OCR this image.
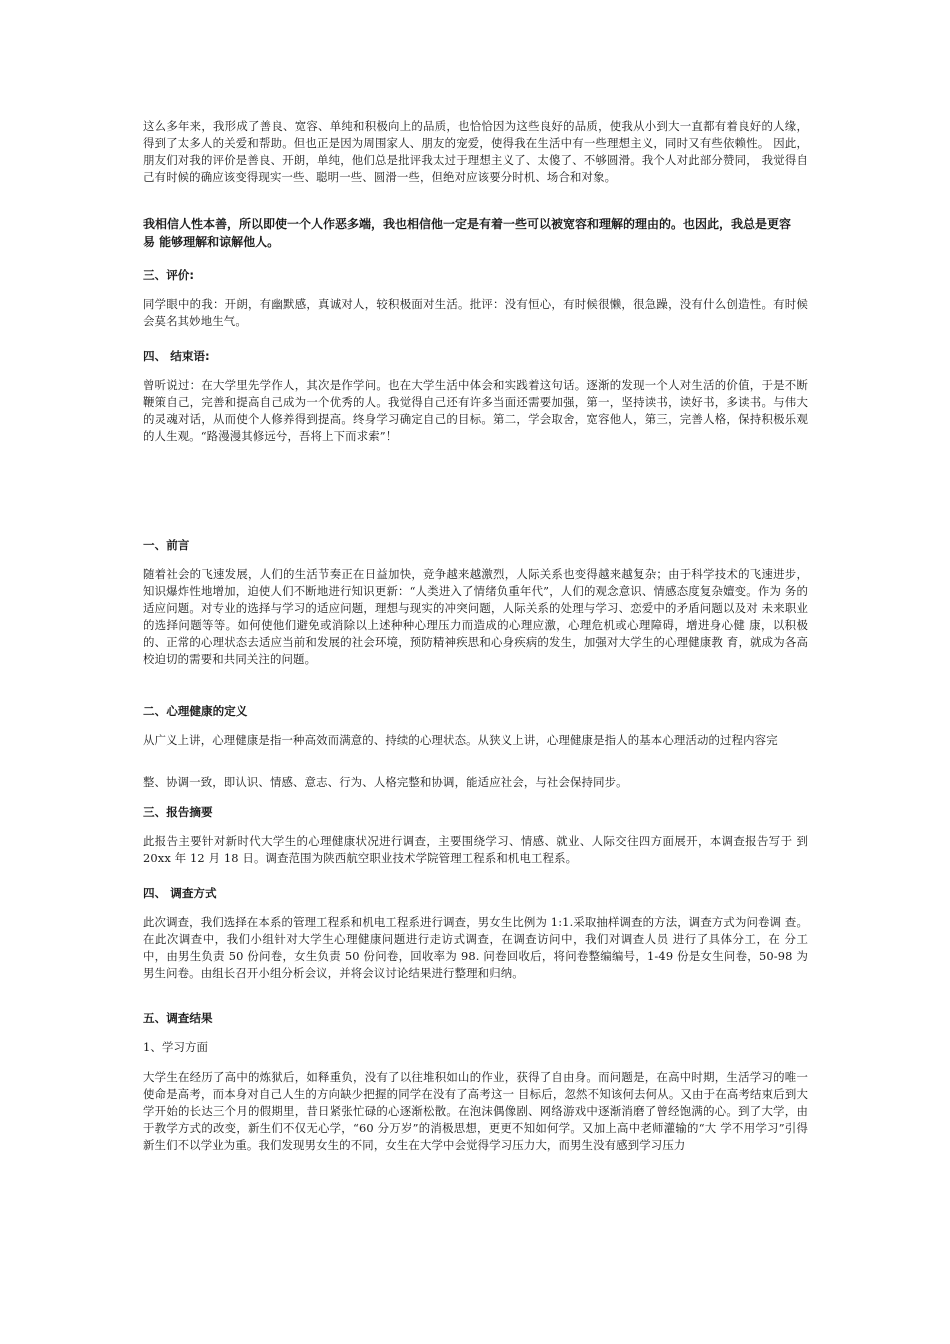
这么多年来，我形成了善良、宽容、单纯和积极向上的品质，也恰恰因为这些良好的品质，使我从小到大一直都有着良好的人缘，得到了太多人的关爱和帮助。但也正是因为周围家人、朋友的宠爱，使得我在生活中有一些理想主义，同时又有些依赖性。 因此，朋友们对我的评价是善良、开朗，单纯，他们总是批评我太过于理想主义了、太傻了、不够圆滑。我个人对此部分赞同， 我觉得自己有时候的确应该变得现实一些、聪明一些、圆滑一些，但绝对应该要分时机、场合和对象。
我相信人性本善，所以即使一个人作恶多端，我也相信他一定是有着一些可以被宽容和理解的理由的。也因此，我总是更容易 能够理解和谅解他人。
三、评价:
同学眼中的我：开朗，有幽默感，真诚对人，较积极面对生活。批评：没有恒心，有时候很懒，很急躁，没有什么创造性。有时候会莫名其妙地生气。
四、 结束语:
曾听说过：在大学里先学作人，其次是作学问。也在大学生活中体会和实践着这句话。逐渐的发现一个人对生活的价值，于是不断鞭策自己，完善和提高自己成为一个优秀的人。我觉得自己还有许多当面还需要加强，第一，坚持读书，读好书，多读书。与伟大的灵魂对话，从而使个人修养得到提高。终身学习确定自己的目标。第二，学会取舍，宽容他人，第三，完善人格，保持积极乐观的人生观。“路漫漫其修远兮，吾将上下而求索”！
一、前言
随着社会的飞速发展，人们的生活节奏正在日益加快，竞争越来越激烈，人际关系也变得越来越复杂；由于科学技术的飞速进步， 知识爆炸性地增加，迫使人们不断地进行知识更新：“人类进入了情绪负重年代”，人们的观念意识、情感态度复杂嬗变。作为 务的适应问题。对专业的选择与学习的适应问题，理想与现实的冲突问题，人际关系的处理与学习、恋爱中的矛盾问题以及对 未来职业的选择问题等等。如何使他们避免或消除以上述种种心理压力而造成的心理应激，心理危机或心理障碍，增进身心健 康，以积极的、正常的心理状态去适应当前和发展的社会环境，预防精神疾思和心身疾病的发生，加强对大学生的心理健康教 育，就成为各高校迫切的需要和共同关注的问题。
二、心理健康的定义
从广义上讲，心理健康是指一种高效而满意的、持续的心理状态。从狭义上讲，心理健康是指人的基本心理活动的过程内容完
整、协调一致，即认识、情感、意志、行为、人格完整和协调，能适应社会，与社会保持同步。
三、报告摘要
此报告主要针对新时代大学生的心理健康状况进行调查，主要围绕学习、情感、就业、人际交往四方面展开，本调查报告写于 到 20xx 年 12 月 18 日。调查范围为陕西航空职业技术学院管理工程系和机电工程系。
四、 调查方式
此次调查，我们选择在本系的管理工程系和机电工程系进行调查，男女生比例为 1:1.采取抽样调查的方法，调查方式为问卷调 查。在此次调查中，我们小组针对大学生心理健康问题进行走访式调查，在调查访问中，我们对调查人员 进行了具体分工，在 分工中，由男生负责 50 份问卷，女生负责 50 份问卷，回收率为 98. 问卷回收后，将问卷整编编号，1-49 份是女生问卷，50-98 为男生问卷。由组长召开小组分析会议，并将会议讨论结果进行整理和归纳。
五、调查结果
1、学习方面
大学生在经历了高中的炼狱后，如释重负，没有了以往堆积如山的作业，获得了自由身。而问题是，在高中时期，生活学习的唯一使命是高考，而本身对自己人生的方向缺少把握的同学在没有了高考这一 目标后，忽然不知该何去何从。又由于在高考结束后到大学开始的长达三个月的假期里，昔日紧张忙碌的心逐渐松散。在泡沫偶像剧、网络游戏中逐渐消磨了曾经饱满的心。到了大学，由于教学方式的改变，新生们不仅无心学，“60 分万岁”的消极思想，更更不知如何学。又加上高中老师灌输的“大 学不用学习”引得新生们不以学业为重。我们发现男女生的不同，女生在大学中会觉得学习压力大，而男生没有感到学习压力
